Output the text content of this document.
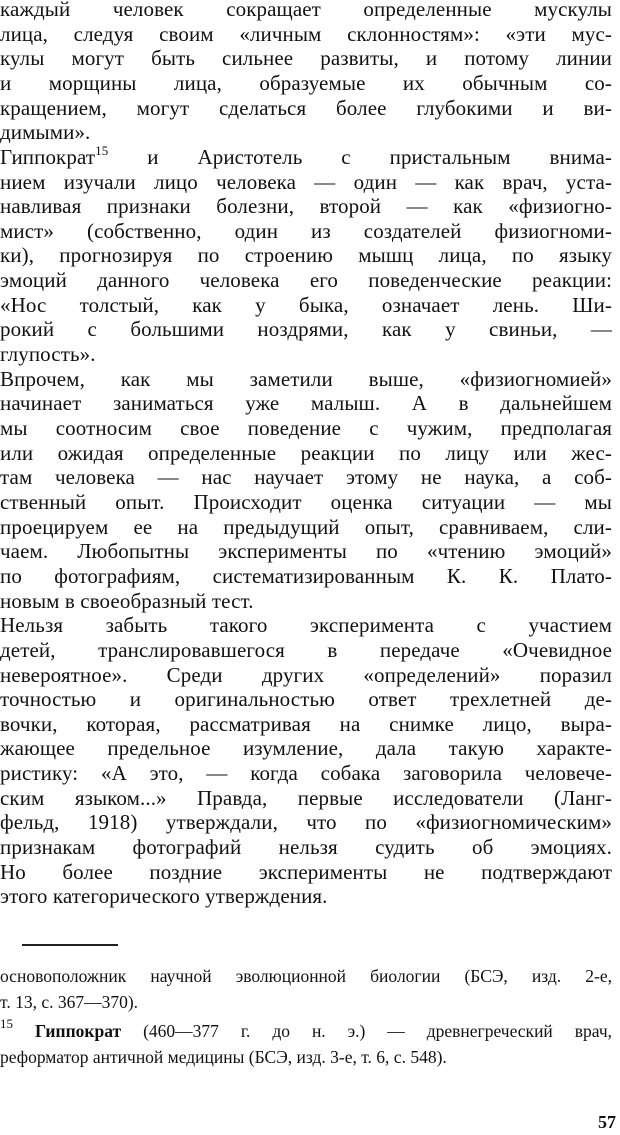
каждый человек сокращает определенные мускулы
лица, следуя своим «личным склонностям»: «эти мус-
кулы могут быть сильнее развиты, и потому линии
и морщины лица, образуемые их обычным со-
кращением, могут сделаться более глубокими и ви-
димыми».
Гиппократ$^{15}$ и Аристотель с пристальным внима-
нием изучали лицо человека — один — как врач, уста-
навливая признаки болезни, второй — как «физиогно-
мист» (собственно, один из создателей физиогноми-
ки), прогнозируя по строению мышц лица, по языку
эмоций данного человека его поведенческие реакции:
«Нос толстый, как у быка, означает лень. Ши-
рокий с большими ноздрями, как у свиньи, —
глупость».
Впрочем, как мы заметили выше, «физиогномией»
начинает заниматься уже малыш. А в дальнейшем
мы соотносим свое поведение с чужим, предполагая
или ожидая определенные реакции по лицу или жес-
там человека — нас научает этому не наука, а соб-
ственный опыт. Происходит оценка ситуации — мы
проецируем ее на предыдущий опыт, сравниваем, сли-
чаем. Любопытны эксперименты по «чтению эмоций»
по фотографиям, систематизированным К. К. Плато-
новым в своеобразный тест.
Нельзя забыть такого эксперимента с участием
детей, транслировавшегося в передаче «Очевидное
невероятное». Среди других «определений» поразил
точностью и оригинальностью ответ трехлетней де-
вочки, которая, рассматривая на снимке лицо, выра-
жающее предельное изумление, дала такую характе-
ристику: «А это, — когда собака заговорила человече-
ским языком...» Правда, первые исследователи (Ланг-
фельд, 1918) утверждали, что по «физиогномическим»
признакам фотографий нельзя судить об эмоциях.
Но более поздние эксперименты не подтверждают
этого категорического утверждения.
основоположник научной эволюционной биологии (БСЭ, изд. 2-е,
т. 13, с. 367—370).
$^{15}$ Гиппократ (460—377 г. до н. э.) — древнегреческий врач,
реформатор античной медицины (БСЭ, изд. 3-е, т. 6, с. 548).
57
